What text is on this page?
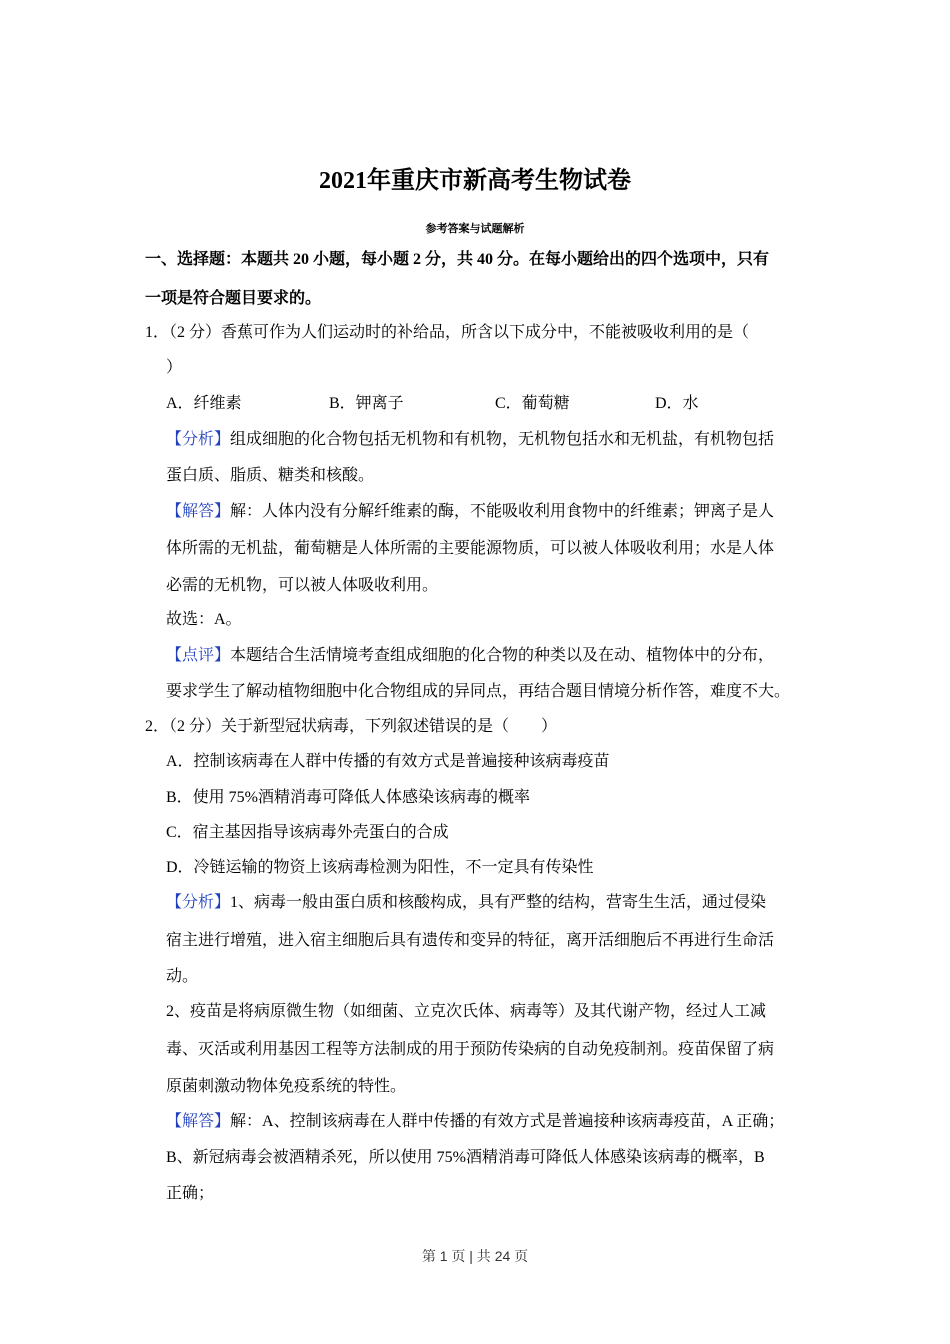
2021年重庆市新高考生物试卷
参考答案与试题解析
一、选择题：本题共 20 小题，每小题 2 分，共 40 分。在每小题给出的四个选项中，只有
一项是符合题目要求的。
1．（2 分）香蕉可作为人们运动时的补给品，所含以下成分中，不能被吸收利用的是（
）
A．纤维素	B．钾离子	C．葡萄糖	D．水
【分析】组成细胞的化合物包括无机物和有机物，无机物包括水和无机盐，有机物包括
蛋白质、脂质、糖类和核酸。
【解答】解：人体内没有分解纤维素的酶，不能吸收利用食物中的纤维素；钾离子是人
体所需的无机盐，葡萄糖是人体所需的主要能源物质，可以被人体吸收利用；水是人体
必需的无机物，可以被人体吸收利用。
故选：A。
【点评】本题结合生活情境考查组成细胞的化合物的种类以及在动、植物体中的分布，
要求学生了解动植物细胞中化合物组成的异同点，再结合题目情境分析作答，难度不大。
2．（2 分）关于新型冠状病毒，下列叙述错误的是（　　）
A．控制该病毒在人群中传播的有效方式是普遍接种该病毒疫苗
B．使用 75%酒精消毒可降低人体感染该病毒的概率
C．宿主基因指导该病毒外壳蛋白的合成
D．冷链运输的物资上该病毒检测为阳性，不一定具有传染性
【分析】1、病毒一般由蛋白质和核酸构成，具有严整的结构，营寄生生活，通过侵染
宿主进行增殖，进入宿主细胞后具有遗传和变异的特征，离开活细胞后不再进行生命活
动。
2、疫苗是将病原微生物（如细菌、立克次氏体、病毒等）及其代谢产物，经过人工减
毒、灭活或利用基因工程等方法制成的用于预防传染病的自动免疫制剂。疫苗保留了病
原菌刺激动物体免疫系统的特性。
【解答】解：A、控制该病毒在人群中传播的有效方式是普遍接种该病毒疫苗，A 正确；
B、新冠病毒会被酒精杀死，所以使用 75%酒精消毒可降低人体感染该病毒的概率，B
正确；
第 1 页 | 共 24 页
